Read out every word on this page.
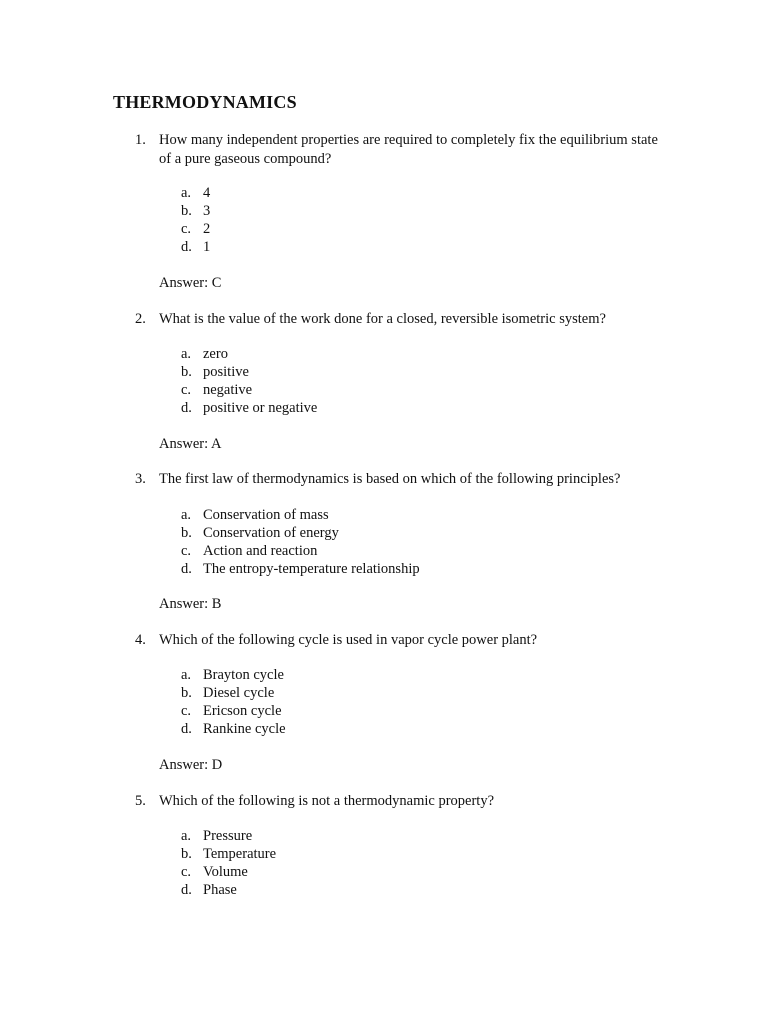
THERMODYNAMICS
1. How many independent properties are required to completely fix the equilibrium state of a pure gaseous compound?
a. 4
b. 3
c. 2
d. 1
Answer: C
2. What is the value of the work done for a closed, reversible isometric system?
a. zero
b. positive
c. negative
d. positive or negative
Answer: A
3. The first law of thermodynamics is based on which of the following principles?
a. Conservation of mass
b. Conservation of energy
c. Action and reaction
d. The entropy-temperature relationship
Answer: B
4. Which of the following cycle is used in vapor cycle power plant?
a. Brayton cycle
b. Diesel cycle
c. Ericson cycle
d. Rankine cycle
Answer: D
5. Which of the following is not a thermodynamic property?
a. Pressure
b. Temperature
c. Volume
d. Phase
